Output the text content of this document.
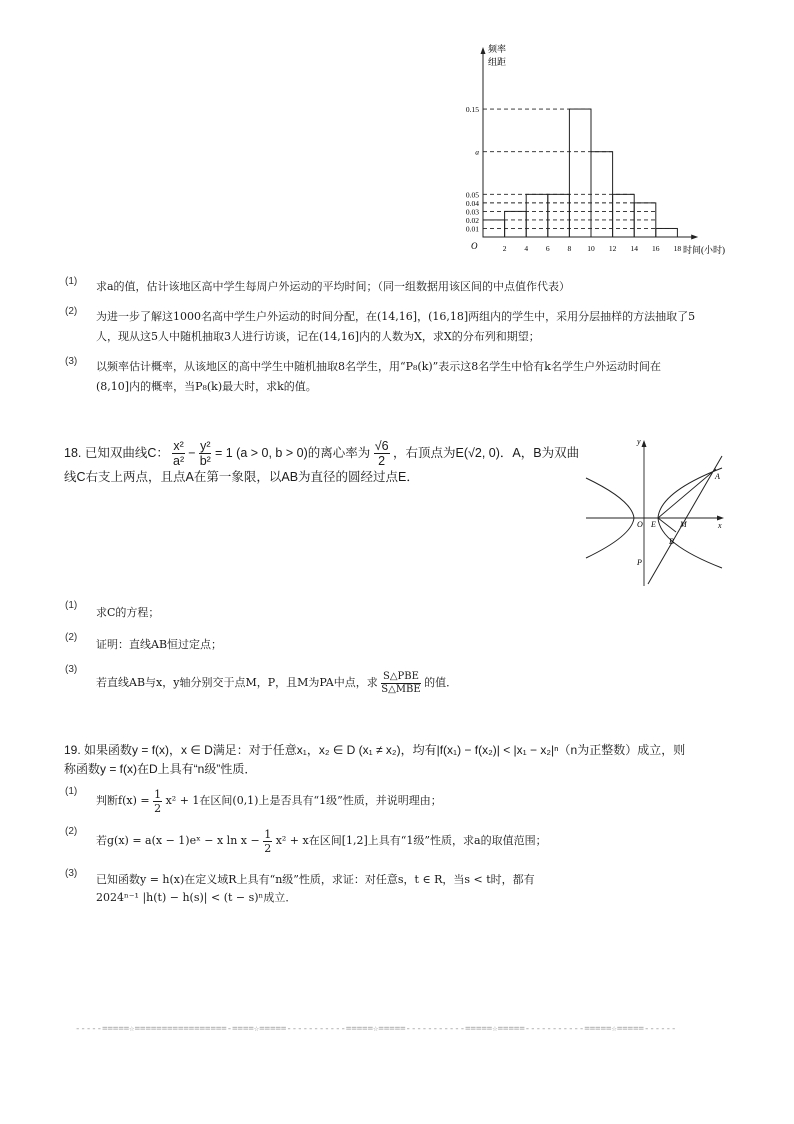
0.15
a
0.05
0.04
0.03
0.02
0.01
2 4 6 8 10 12 14 16 18
频率
组距
时间(小时)
O
(1) 求a的值，估计该地区高中学生每周户外运动的平均时间；（同一组数据用该区间的中点值作代表）
(2) 为进一步了解这1000名高中学生户外运动的时间分配，在(14,16]，(16,18]两组内的学生中，采用分层抽样的方法抽取了5
人，现从这5人中随机抽取3人进行访谈，记在(14,16]内的人数为X，求X的分布列和期望；
(3) 以频率估计概率，从该地区的高中学生中随机抽取8名学生，用“P₈(k)”表示这8名学生中恰有k名学生户外运动时间在
(8,10]内的概率，当P₈(k)最大时，求k的值。
18. 已知双曲线C： $\frac{\text{x²}}{\text{a²}} - \frac{\text{y²}}{\text{b²}} = 1$ (a > 0, b > 0)的离心率为 $\frac{√6}{2}$ ，右顶点为E(√2, 0)．A，B为双曲
线C右支上两点，且点A在第一象限，以AB为直径的圆经过点E．
y
x
O E	M
A
B
P
(1)
求C的方程；
(2)
证明：直线AB恒过定点；
(3)
若直线AB与x，y轴分别交于点M，P，且M为PA中点，求 $\frac{\text{S△PBE}}{\text{S△MBE}}$ 的值．
19. 如果函数y = f(x)，x ∈ D满足：对于任意x₁，x₂ ∈ D (x₁ ≠ x₂)，均有|f(x₁) − f(x₂)| < |x₁ − x₂|ⁿ（n为正整数）成立，则
称函数y = f(x)在D上具有“n级”性质．
(1)
判断$f(x) = \frac{1}{2} x^2 + 1$在区间(0,1)上是否具有“1级”性质，并说明理由；
(2)
若g(x) = a(x − 1)eˣ − x $\ln x - \frac{1}{2} x^2 + x$在区间[1,2]上具有“1级”性质，求a的取值范围；
(3) 已知函数y = h(x)在定义域R上具有“n级”性质，求证：对任意s，t ∈ R，当s < t时，都有
2024ⁿ⁻¹ |h(t) − h(s)| < (t − s)ⁿ成立．
-----=====☆=================-====☆=====-----------=====☆=====-----------=====☆=====-----------=====☆=====------
